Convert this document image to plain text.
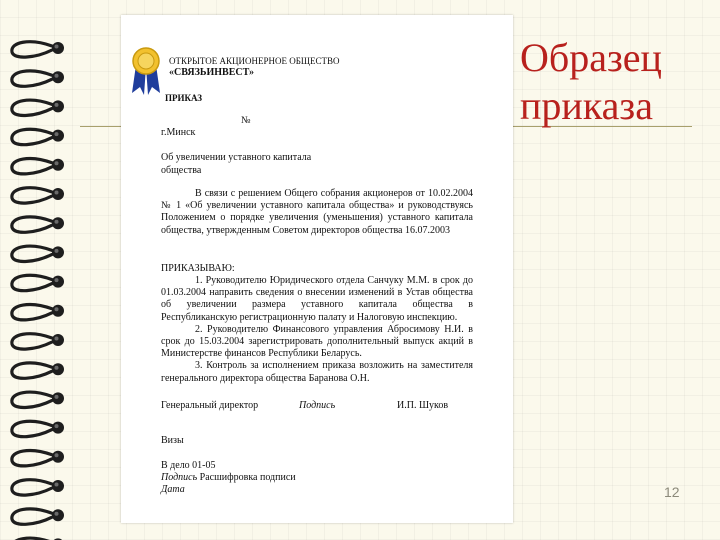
Образец
приказа
12
ОТКРЫТОЕ АКЦИОНЕРНОЕ ОБЩЕСТВО
«СВЯЗЬИНВЕСТ»
ПРИКАЗ
№
г.Минск
Об увеличении уставного капитала
общества

В связи с решением Общего собрания акционеров от 10.02.2004 № 1 «Об увеличении уставного капитала общества» и руководствуясь Положением о порядке увеличения (уменьшения) уставного капитала общества, утвержденным Советом директоров общества 16.07.2003

ПРИКАЗЫВАЮ:

1. Руководителю Юридического отдела Санчуку М.М. в срок до 01.03.2004 направить сведения о внесении изменений в Устав общества об увеличении размера уставного капитала общества в Республиканскую регистрационную палату и Налоговую инспекцию.

2. Руководителю Финансового управления Абросимову Н.И. в срок до 15.03.2004 зарегистрировать дополнительный выпуск акций в Министерстве финансов Республики Беларусь.

3. Контроль за исполнением приказа возложить на заместителя генерального директора общества Баранова О.Н.

Генеральный директор	Подпись	И.П. Шуков
Визы
В дело 01-05
Подпись Расшифровка подписи
Дата
